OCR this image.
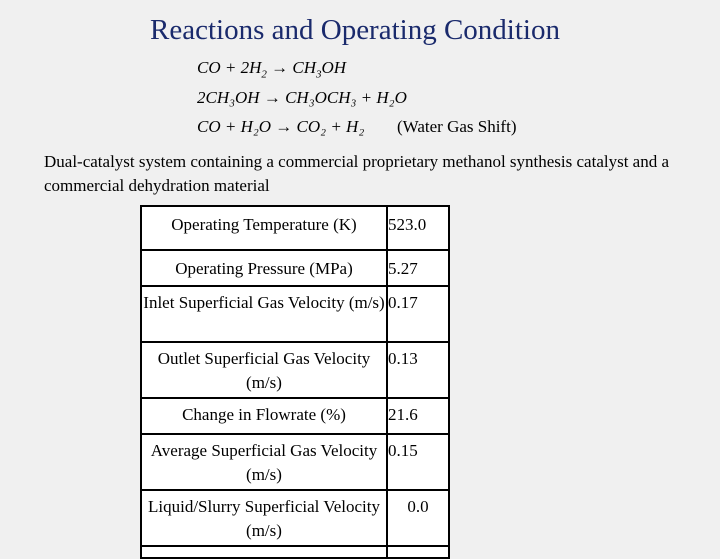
Reactions and Operating Condition
CO + $2H_2 \to CH_3OH$
2CH₃OH → CH₃OCH₃ + H₂O
CO + H₂O → CO₂ + H₂ (Water Gas Shift)
Dual-catalyst system containing a commercial proprietary methanol synthesis catalyst and a commercial dehydration material
Operating Temperature (K)	523.0
Operating Pressure (MPa)	5.27
Inlet Superficial Gas Velocity (m/s)	0.17
Outlet Superficial Gas Velocity (m/s)	0.13
Change in Flowrate (%)	21.6
Average Superficial Gas Velocity (m/s)	0.15
Liquid/Slurry Superficial Velocity (m/s)	0.0
